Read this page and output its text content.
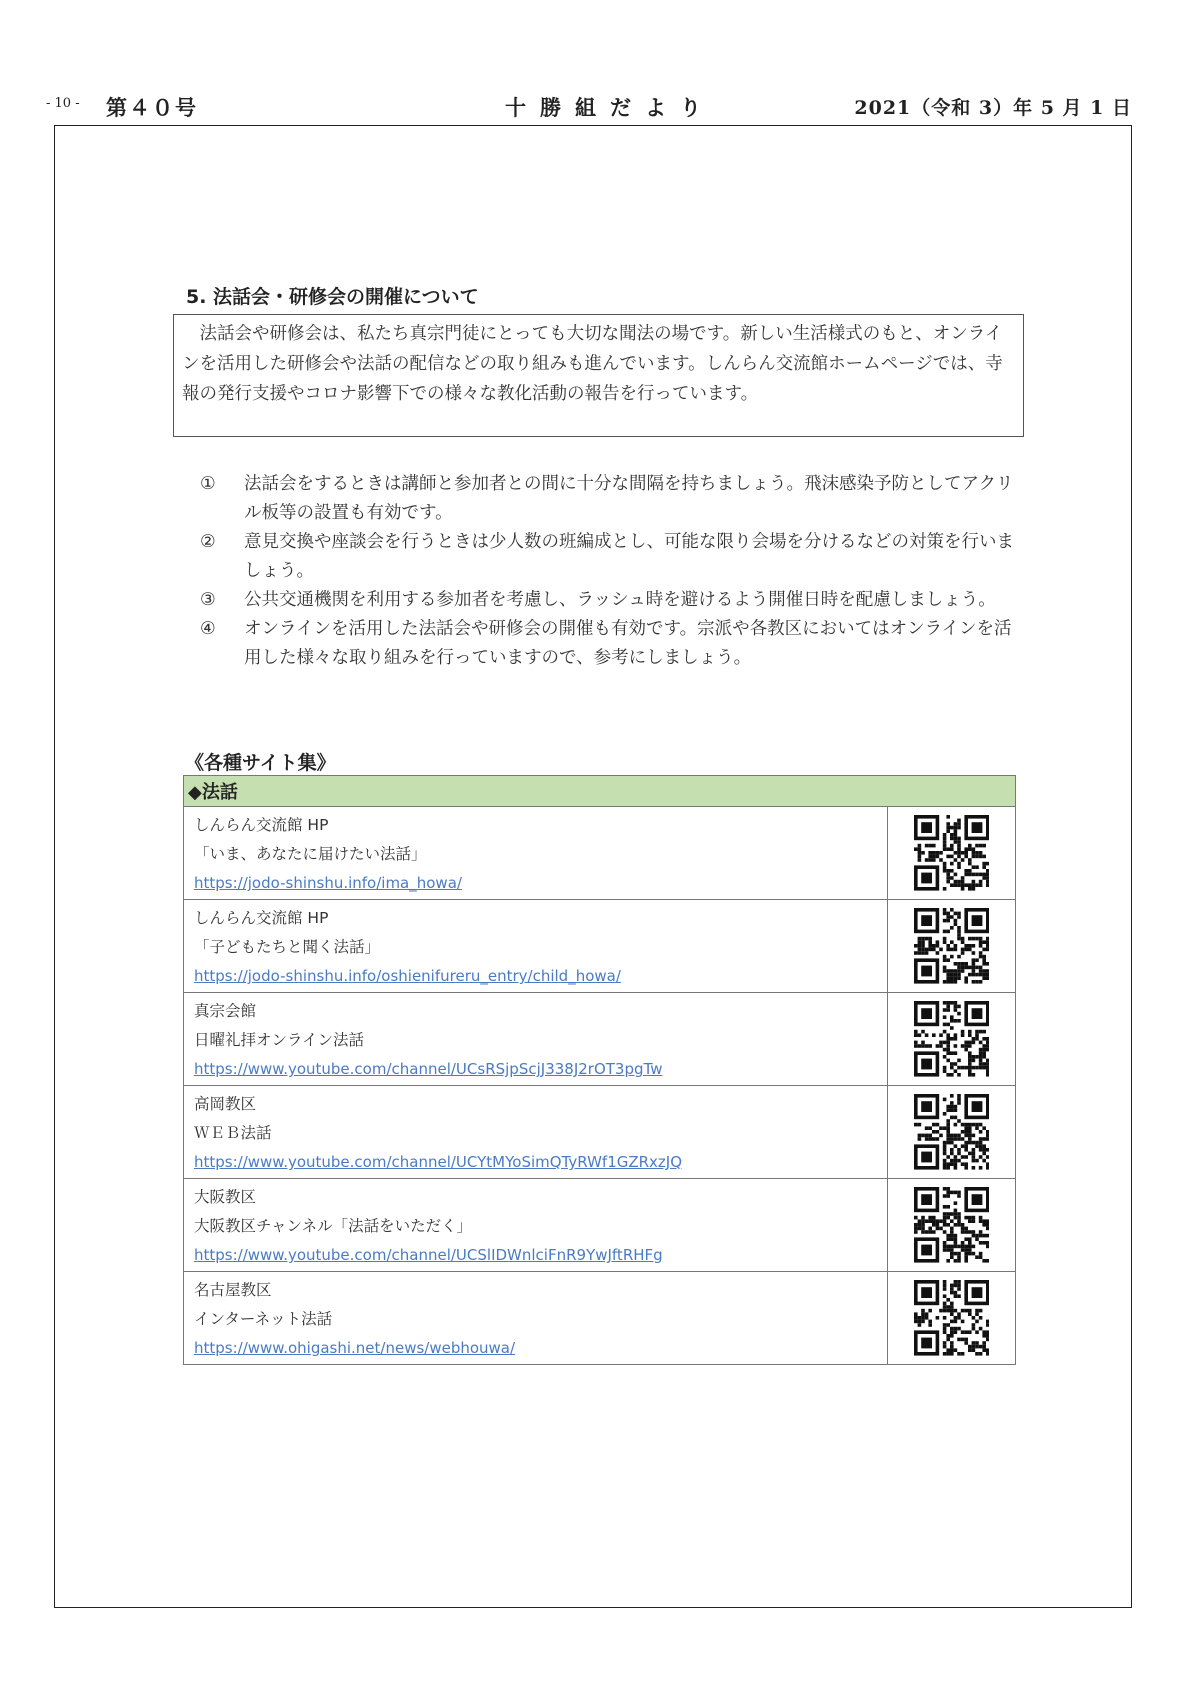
- 10 - 第４０号	十勝組だより	2021（令和 3）年 5 月 1 日
5. 法話会・研修会の開催について
　法話会や研修会は、私たち真宗門徒にとっても大切な聞法の場です。新しい生活様式のもと、オンラインを活用した研修会や法話の配信などの取り組みも進んでいます。しんらん交流館ホームページでは、寺報の発行支援やコロナ影響下での様々な教化活動の報告を行っています。
① 法話会をするときは講師と参加者との間に十分な間隔を持ちましょう。飛沫感染予防としてアクリル板等の設置も有効です。
② 意見交換や座談会を行うときは少人数の班編成とし、可能な限り会場を分けるなどの対策を行いましょう。
③ 公共交通機関を利用する参加者を考慮し、ラッシュ時を避けるよう開催日時を配慮しましょう。
④ オンラインを活用した法話会や研修会の開催も有効です。宗派や各教区においてはオンラインを活用した様々な取り組みを行っていますので、参考にしましょう。
《各種サイト集》
◆法話	

しんらん交流館 HP
「いま、あなたに届けたい法話」
https://jodo-shinshu.info/ima_howa/

しんらん交流館 HP
「子どもたちと聞く法話」
https://jodo-shinshu.info/oshienifureru_entry/child_howa/

真宗会館
日曜礼拝オンライン法話
https://www.youtube.com/channel/UCsRSjpScjJ338J2rOT3pgTw

高岡教区
ＷＥＢ法話
https://www.youtube.com/channel/UCYtMYoSimQTyRWf1GZRxzJQ

大阪教区
大阪教区チャンネル「法話をいただく」
https://www.youtube.com/channel/UCSlIDWnlciFnR9YwJftRHFg

名古屋教区
インターネット法話
https://www.ohigashi.net/news/webhouwa/
